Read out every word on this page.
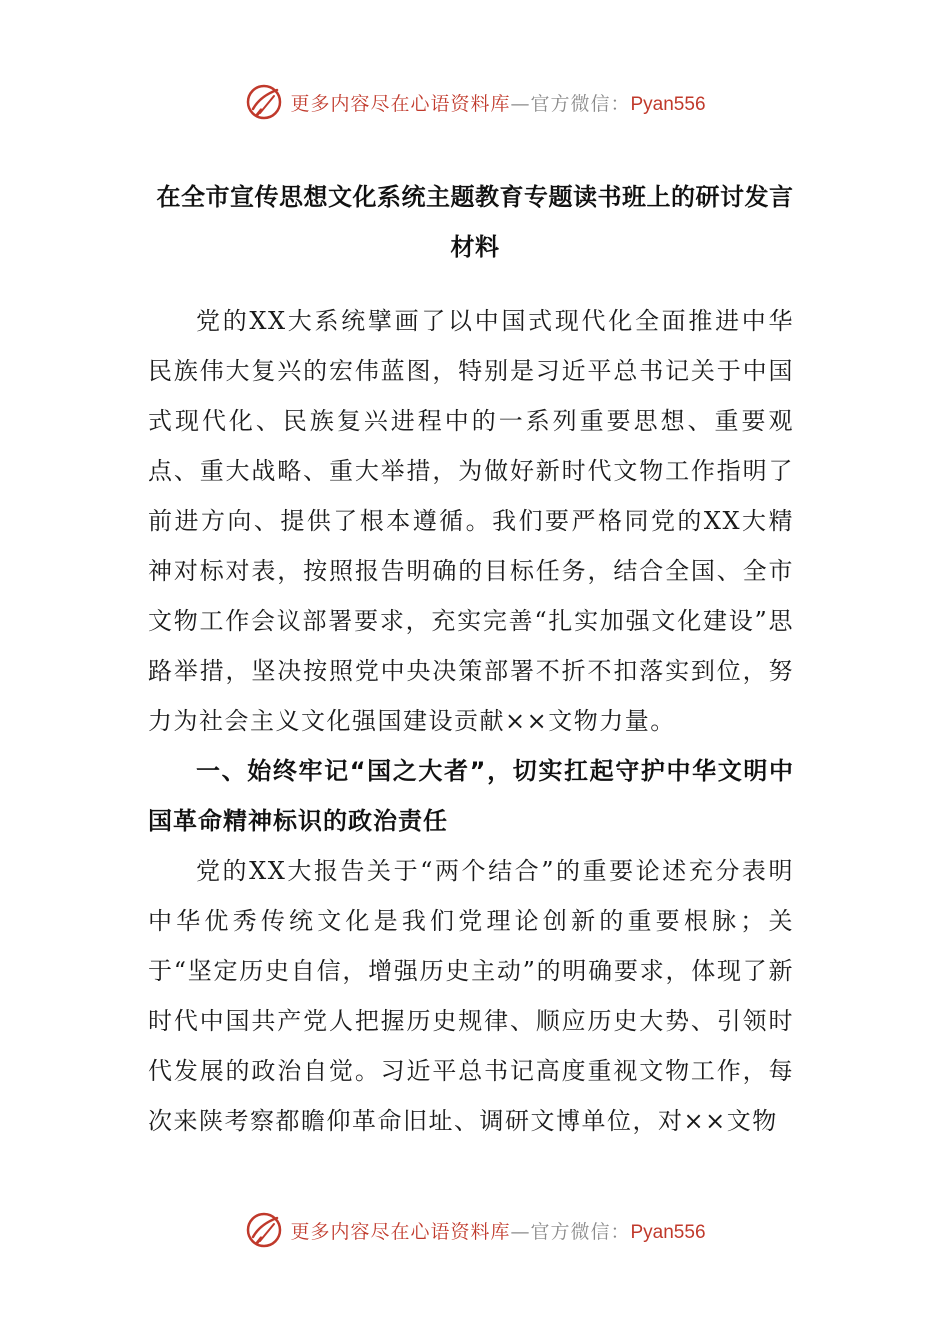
更多内容尽在心语资料库—官方微信：Pyan556
在全市宣传思想文化系统主题教育专题读书班上的研讨发言材料

党的XX大系统擘画了以中国式现代化全面推进中华民族伟大复兴的宏伟蓝图，特别是习近平总书记关于中国式现代化、民族复兴进程中的一系列重要思想、重要观点、重大战略、重大举措，为做好新时代文物工作指明了前进方向、提供了根本遵循。我们要严格同党的XX大精神对标对表，按照报告明确的目标任务，结合全国、全市文物工作会议部署要求，充实完善“扎实加强文化建设”思路举措，坚决按照党中央决策部署不折不扣落实到位，努力为社会主义文化强国建设贡献××文物力量。

一、始终牢记“国之大者”，切实扛起守护中华文明中国革命精神标识的政治责任

党的XX大报告关于“两个结合”的重要论述充分表明中华优秀传统文化是我们党理论创新的重要根脉；关于“坚定历史自信，增强历史主动”的明确要求，体现了新时代中国共产党人把握历史规律、顺应历史大势、引领时代发展的政治自觉。习近平总书记高度重视文物工作，每次来陕考察都瞻仰革命旧址、调研文博单位，对××文物

更多内容尽在心语资料库—官方微信：Pyan556
